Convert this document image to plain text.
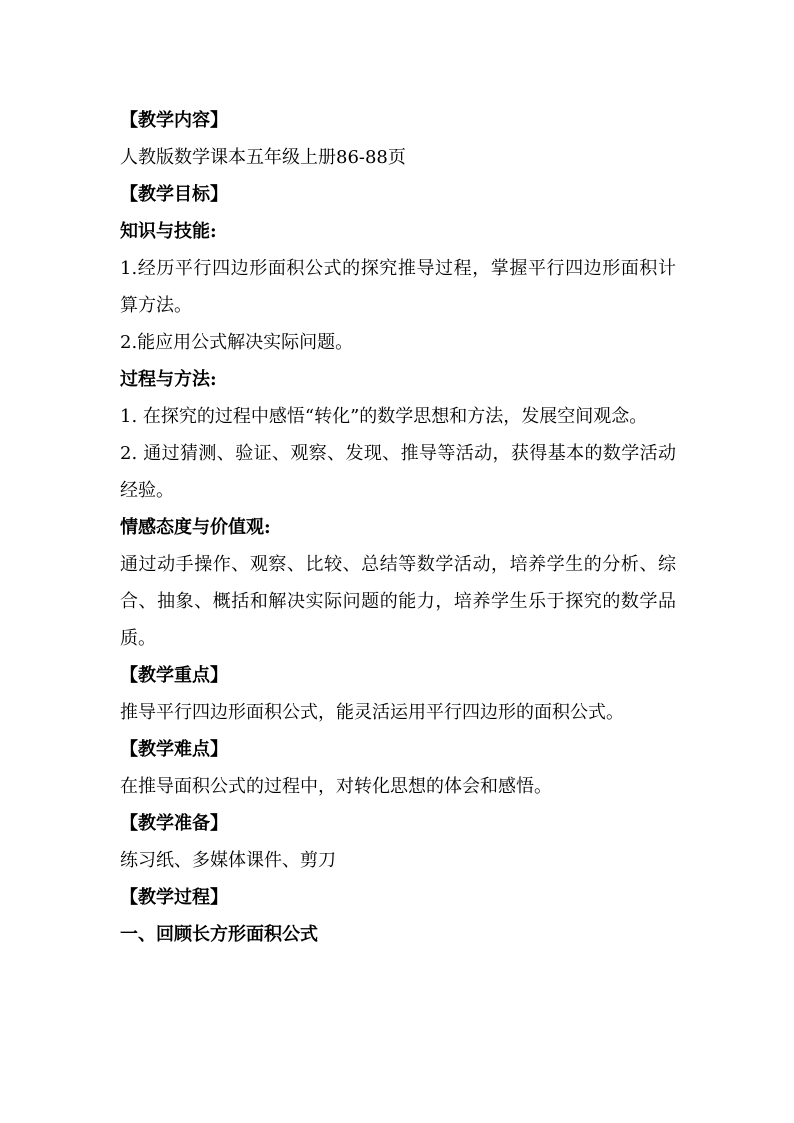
【教学内容】
人教版数学课本五年级上册86-88页
【教学目标】
知识与技能:
1.经历平行四边形面积公式的探究推导过程，掌握平行四边形面积计算方法。
2.能应用公式解决实际问题。
过程与方法:
1. 在探究的过程中感悟“转化”的数学思想和方法，发展空间观念。
2. 通过猜测、验证、观察、发现、推导等活动，获得基本的数学活动经验。
情感态度与价值观:
通过动手操作、观察、比较、总结等数学活动，培养学生的分析、综合、抽象、概括和解决实际问题的能力，培养学生乐于探究的数学品质。
【教学重点】
推导平行四边形面积公式，能灵活运用平行四边形的面积公式。
【教学难点】
在推导面积公式的过程中，对转化思想的体会和感悟。
【教学准备】
练习纸、多媒体课件、剪刀
【教学过程】
一、回顾长方形面积公式
